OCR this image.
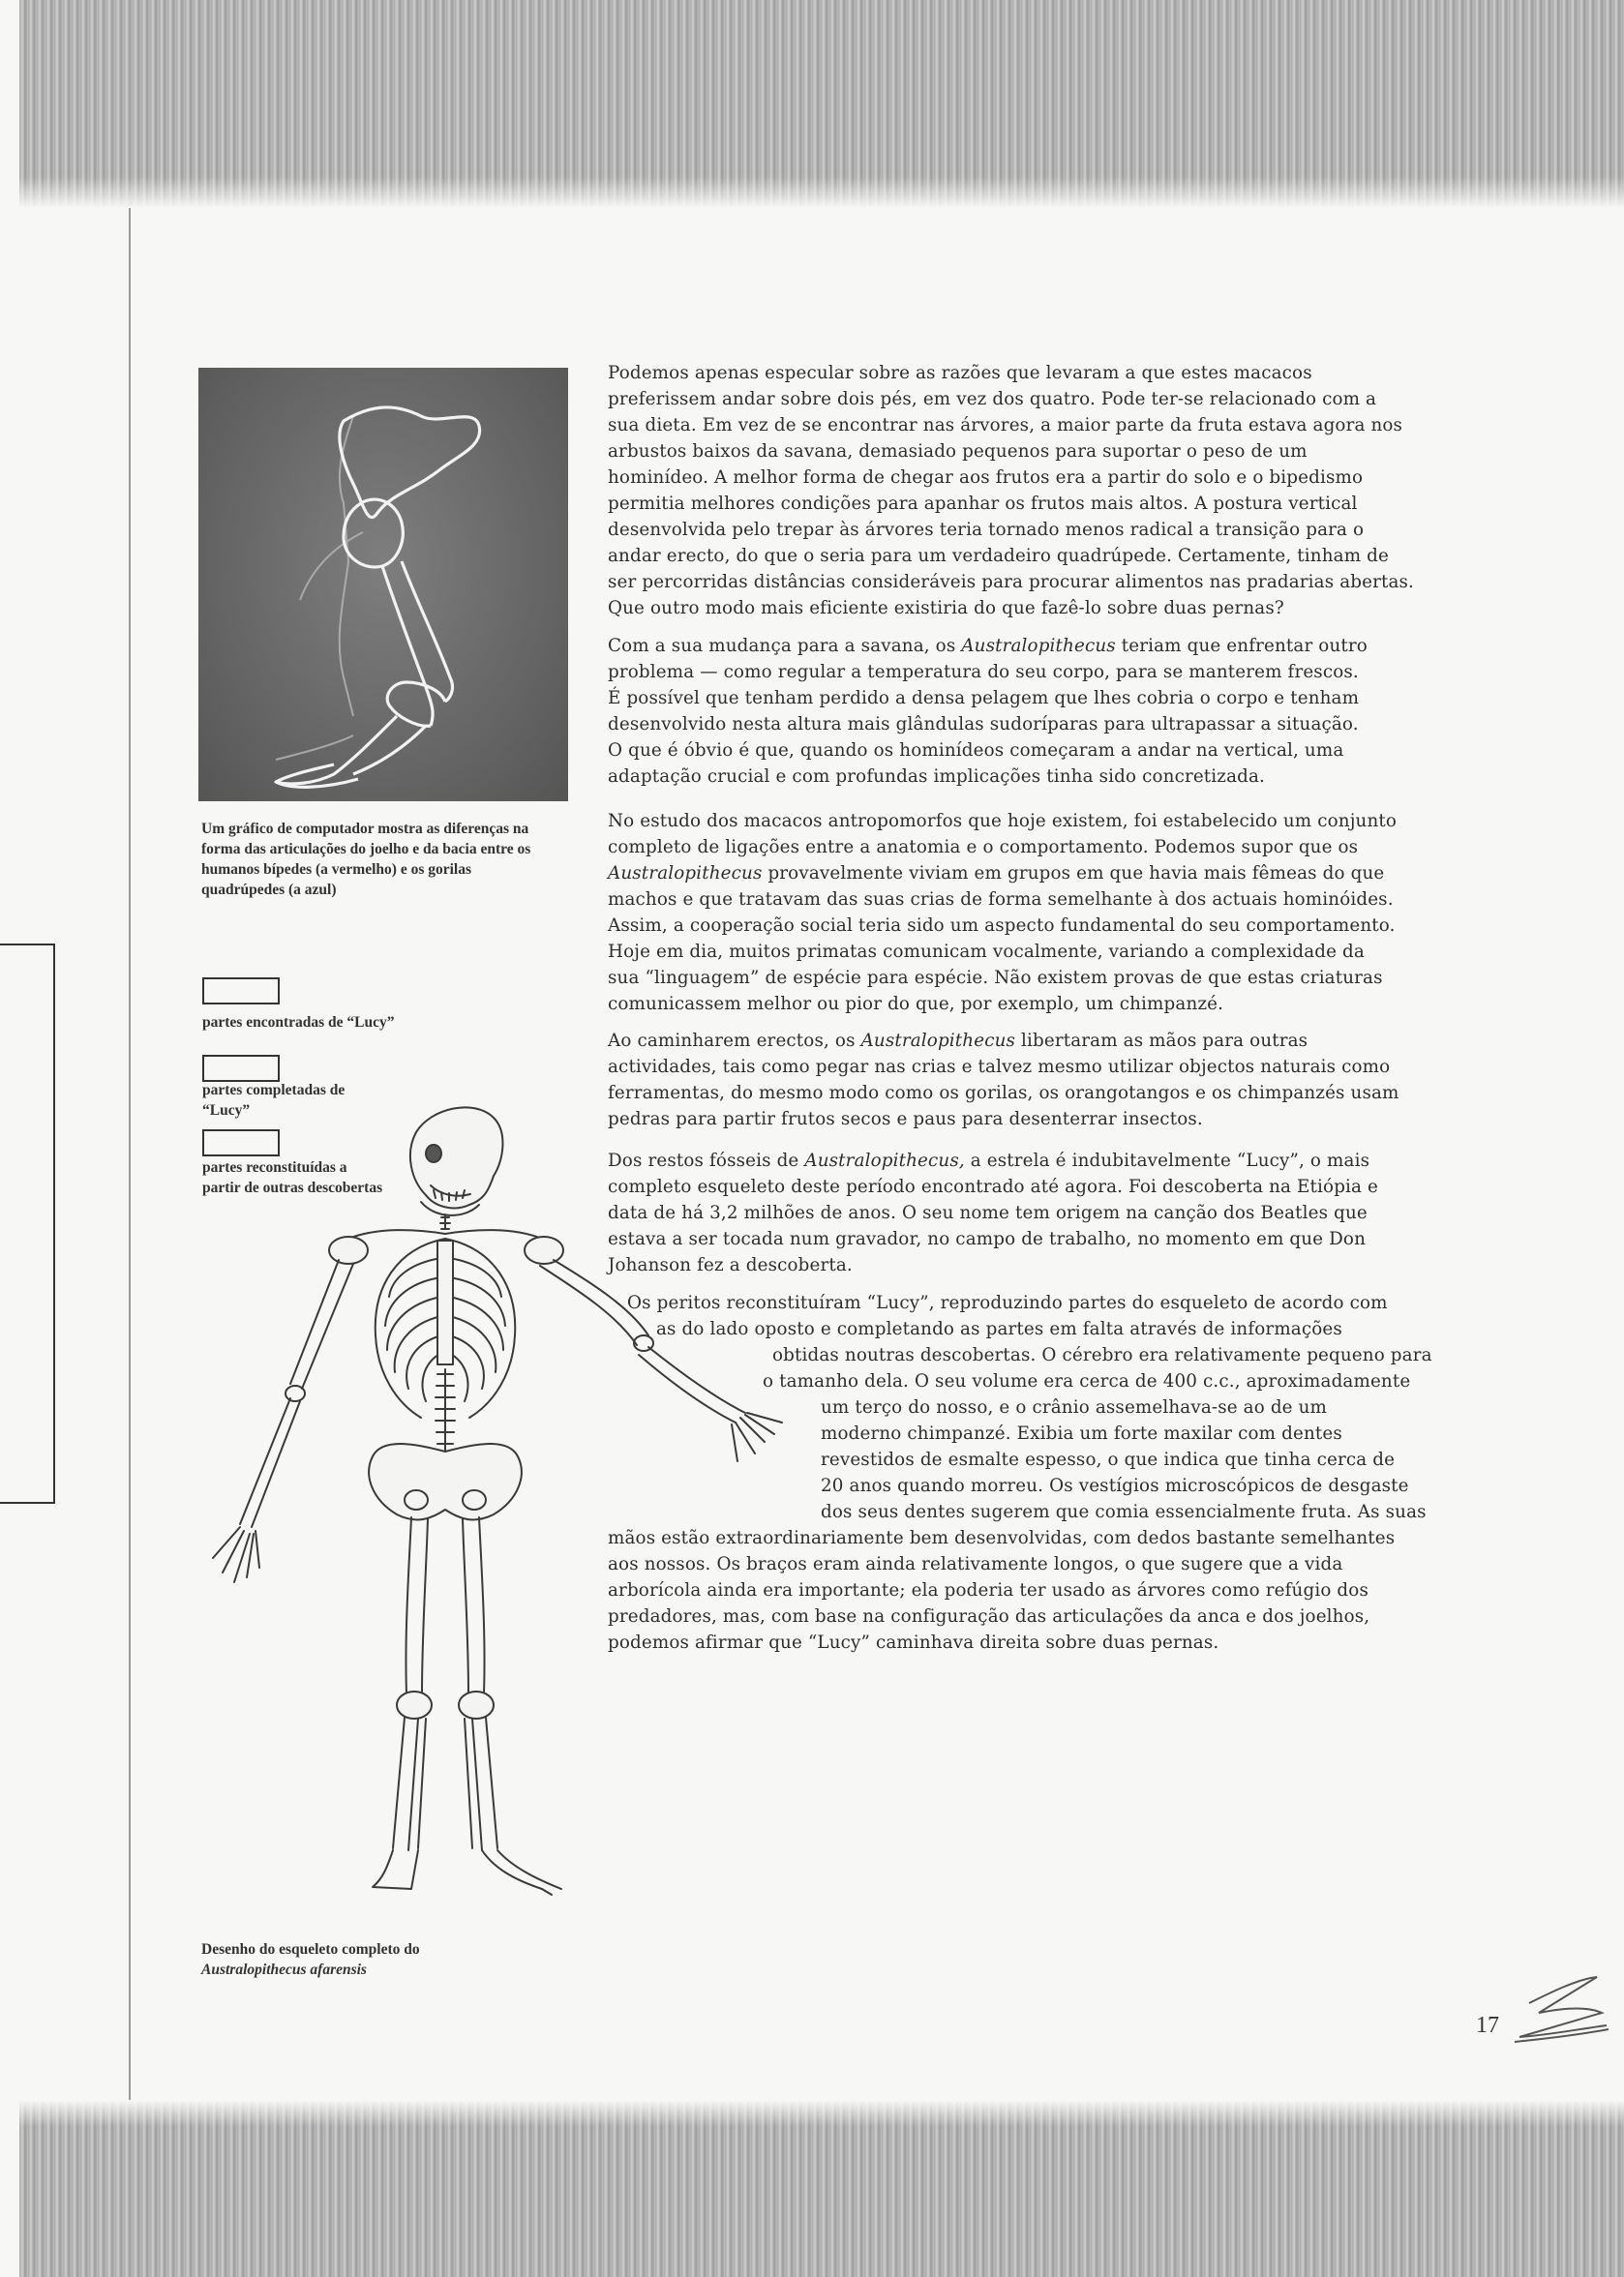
Um gráfico de computador mostra as diferenças na forma das articulações do joelho e da bacia entre os humanos bípedes (a vermelho) e os gorilas quadrúpedes (a azul)
partes encontradas de “Lucy”
partes completadas de “Lucy”
partes reconstituídas a partir de outras descobertas
Desenho do esqueleto completo do
Australopithecus afarensis
Podemos apenas especular sobre as razões que levaram a que estes macacos
preferissem andar sobre dois pés, em vez dos quatro. Pode ter-se relacionado com a
sua dieta. Em vez de se encontrar nas árvores, a maior parte da fruta estava agora nos
arbustos baixos da savana, demasiado pequenos para suportar o peso de um
hominídeo. A melhor forma de chegar aos frutos era a partir do solo e o bipedismo
permitia melhores condições para apanhar os frutos mais altos. A postura vertical
desenvolvida pelo trepar às árvores teria tornado menos radical a transição para o
andar erecto, do que o seria para um verdadeiro quadrúpede. Certamente, tinham de
ser percorridas distâncias consideráveis para procurar alimentos nas pradarias abertas.
Que outro modo mais eficiente existiria do que fazê-lo sobre duas pernas?
Com a sua mudança para a savana, os Australopithecus teriam que enfrentar outro
problema — como regular a temperatura do seu corpo, para se manterem frescos.
É possível que tenham perdido a densa pelagem que lhes cobria o corpo e tenham
desenvolvido nesta altura mais glândulas sudoríparas para ultrapassar a situação.
O que é óbvio é que, quando os hominídeos começaram a andar na vertical, uma
adaptação crucial e com profundas implicações tinha sido concretizada.
No estudo dos macacos antropomorfos que hoje existem, foi estabelecido um conjunto
completo de ligações entre a anatomia e o comportamento. Podemos supor que os
Australopithecus provavelmente viviam em grupos em que havia mais fêmeas do que
machos e que tratavam das suas crias de forma semelhante à dos actuais hominóides.
Assim, a cooperação social teria sido um aspecto fundamental do seu comportamento.
Hoje em dia, muitos primatas comunicam vocalmente, variando a complexidade da
sua “linguagem” de espécie para espécie. Não existem provas de que estas criaturas
comunicassem melhor ou pior do que, por exemplo, um chimpanzé.
Ao caminharem erectos, os Australopithecus libertaram as mãos para outras
actividades, tais como pegar nas crias e talvez mesmo utilizar objectos naturais como
ferramentas, do mesmo modo como os gorilas, os orangotangos e os chimpanzés usam
pedras para partir frutos secos e paus para desenterrar insectos.
Dos restos fósseis de Australopithecus, a estrela é indubitavelmente “Lucy”, o mais
completo esqueleto deste período encontrado até agora. Foi descoberta na Etiópia e
data de há 3,2 milhões de anos. O seu nome tem origem na canção dos Beatles que
estava a ser tocada num gravador, no campo de trabalho, no momento em que Don
Johanson fez a descoberta.
Os peritos reconstituíram “Lucy”, reproduzindo partes do esqueleto de acordo com
as do lado oposto e completando as partes em falta através de informações
obtidas noutras descobertas. O cérebro era relativamente pequeno para
o tamanho dela. O seu volume era cerca de 400 c.c., aproximadamente
um terço do nosso, e o crânio assemelhava-se ao de um
moderno chimpanzé. Exibia um forte maxilar com dentes
revestidos de esmalte espesso, o que indica que tinha cerca de
20 anos quando morreu. Os vestígios microscópicos de desgaste
dos seus dentes sugerem que comia essencialmente fruta. As suas
mãos estão extraordinariamente bem desenvolvidas, com dedos bastante semelhantes
aos nossos. Os braços eram ainda relativamente longos, o que sugere que a vida
arborícola ainda era importante; ela poderia ter usado as árvores como refúgio dos
predadores, mas, com base na configuração das articulações da anca e dos joelhos,
podemos afirmar que “Lucy” caminhava direita sobre duas pernas.
17
